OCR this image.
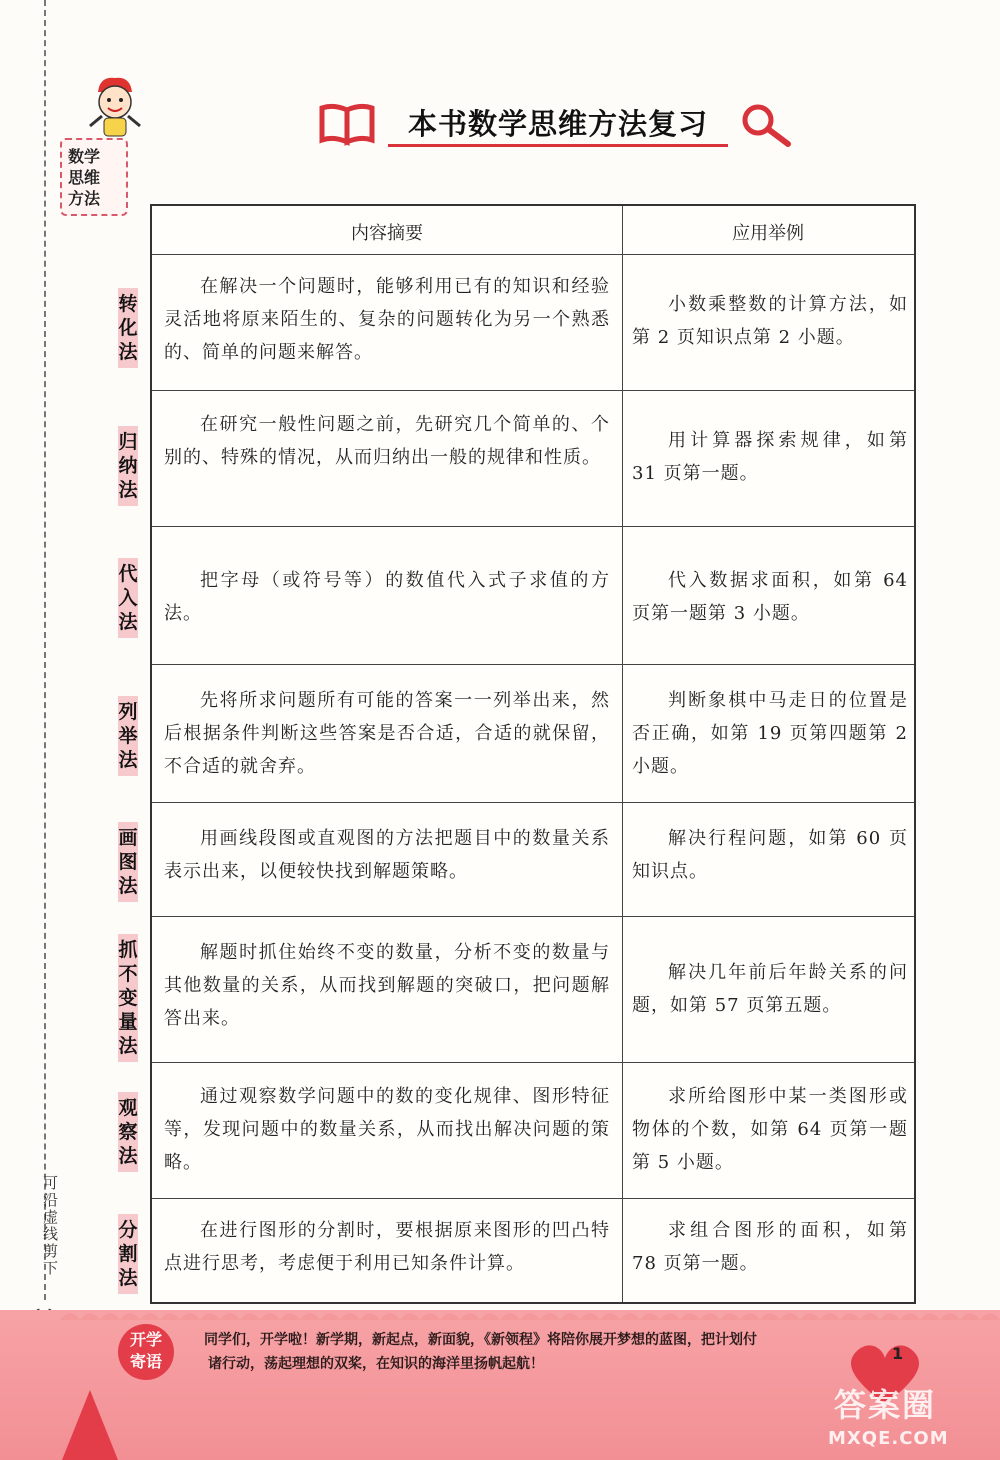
可沿虚线剪下
数学
思维
方法
本书数学思维方法复习
转
化
法
归
纳
法
代
入
法
列
举
法
画
图
法
抓
不
变
量
法
观
察
法
分
割
法
内容摘要	应用举例
在解决一个问题时，能够利用已有的知识和经验灵活地将原来陌生的、复杂的问题转化为另一个熟悉的、简单的问题来解答。
小数乘整数的计算方法，如第 2 页知识点第 2 小题。
在研究一般性问题之前，先研究几个简单的、个别的、特殊的情况，从而归纳出一般的规律和性质。
用计算器探索规律，如第 31 页第一题。
把字母（或符号等）的数值代入式子求值的方法。
代入数据求面积，如第 64 页第一题第 3 小题。
先将所求问题所有可能的答案一一列举出来，然后根据条件判断这些答案是否合适，合适的就保留，不合适的就舍弃。
判断象棋中马走日的位置是否正确，如第 19 页第四题第 2 小题。
用画线段图或直观图的方法把题目中的数量关系表示出来，以便较快找到解题策略。
解决行程问题，如第 60 页知识点。
解题时抓住始终不变的数量，分析不变的数量与其他数量的关系，从而找到解题的突破口，把问题解答出来。
解决几年前后年龄关系的问题，如第 57 页第五题。
通过观察数学问题中的数的变化规律、图形特征等，发现问题中的数量关系，从而找出解决问题的策略。
求所给图形中某一类图形或物体的个数，如第 64 页第一题第 5 小题。
在进行图形的分割时，要根据原来图形的凹凸特点进行思考，考虑便于利用已知条件计算。
求组合图形的面积，如第 78 页第一题。
开学
寄语
同学们，开学啦！新学期，新起点，新面貌，《新领程》将陪你展开梦想的蓝图，把计划付
诸行动，荡起理想的双桨，在知识的海洋里扬帆起航！
1
答案圈
MXQE.COM
